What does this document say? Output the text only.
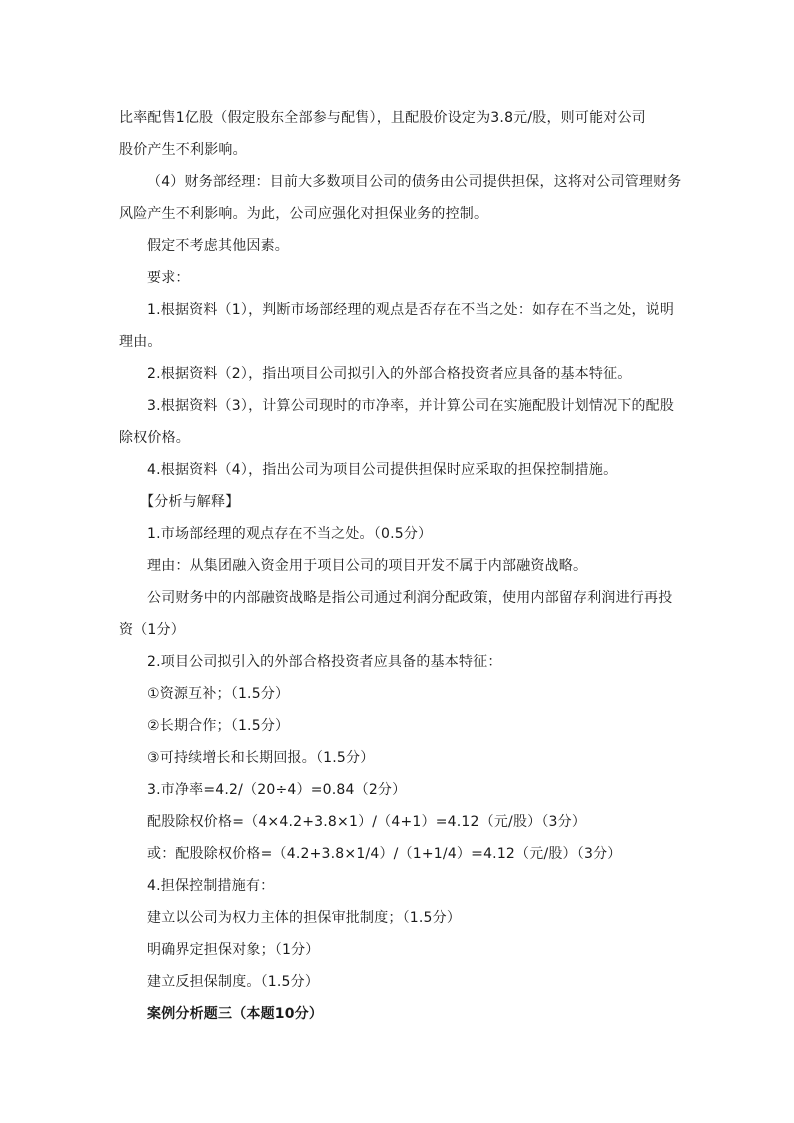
比率配售1亿股（假定股东全部参与配售），且配股价设定为3.8元/股，则可能对公司
股价产生不利影响。
（4）财务部经理：目前大多数项目公司的债务由公司提供担保，这将对公司管理财务
风险产生不利影响。为此，公司应强化对担保业务的控制。
假定不考虑其他因素。
要求：
1.根据资料（1），判断市场部经理的观点是否存在不当之处：如存在不当之处，说明
理由。
2.根据资料（2），指出项目公司拟引入的外部合格投资者应具备的基本特征。
3.根据资料（3），计算公司现时的市净率，并计算公司在实施配股计划情况下的配股
除权价格。
4.根据资料（4），指出公司为项目公司提供担保时应采取的担保控制措施。
【分析与解释】
1.市场部经理的观点存在不当之处。（0.5分）
理由：从集团融入资金用于项目公司的项目开发不属于内部融资战略。
公司财务中的内部融资战略是指公司通过利润分配政策，使用内部留存利润进行再投
资（1分）
2.项目公司拟引入的外部合格投资者应具备的基本特征：
①资源互补；（1.5分）
②长期合作；（1.5分）
③可持续增长和长期回报。（1.5分）
3.市净率=4.2/（20÷4）=0.84（2分）
配股除权价格=（4×4.2+3.8×1）/（4+1）=4.12（元/股）（3分）
或：配股除权价格=（4.2+3.8×1/4）/（1+1/4）=4.12（元/股）（3分）
4.担保控制措施有：
建立以公司为权力主体的担保审批制度；（1.5分）
明确界定担保对象；（1分）
建立反担保制度。（1.5分）
案例分析题三（本题10分）
